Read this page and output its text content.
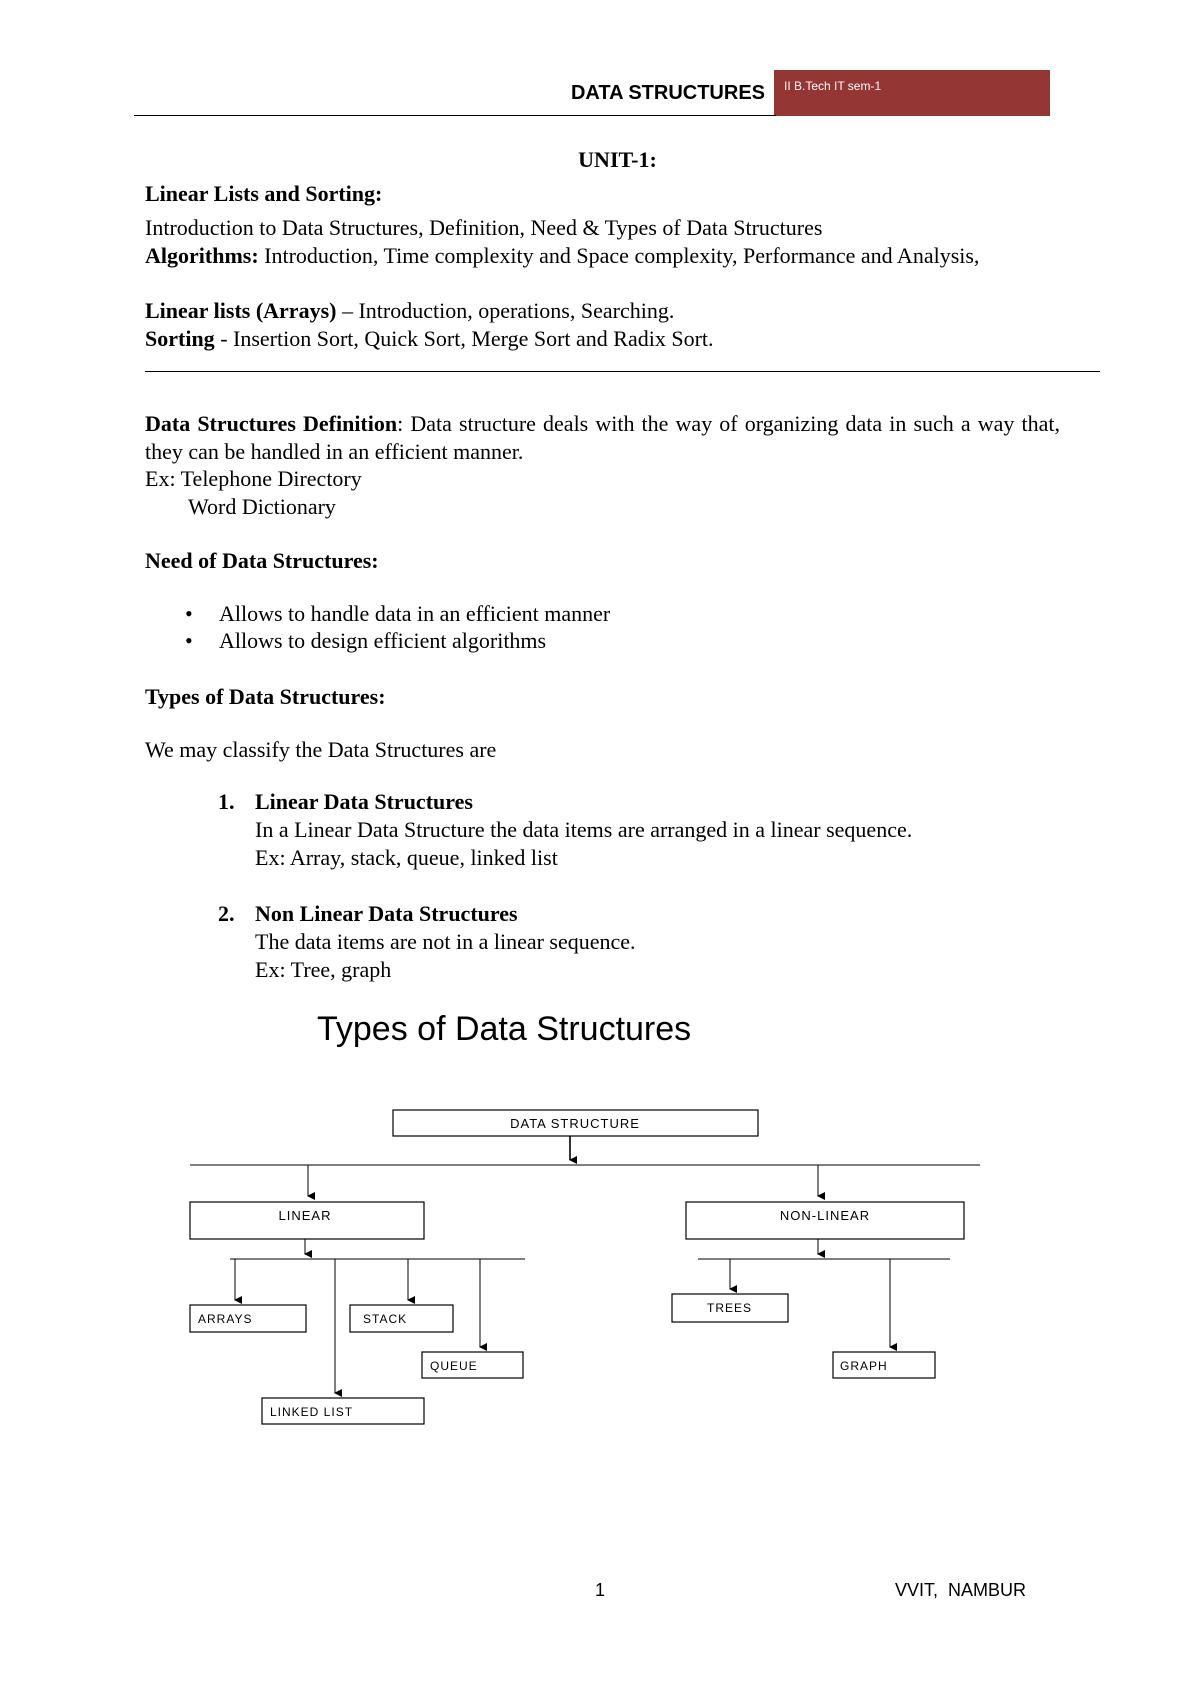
DATA STRUCTURES II B.Tech IT sem-1
UNIT-1:
Linear Lists and Sorting:
Introduction to Data Structures, Definition, Need & Types of Data Structures
Algorithms: Introduction, Time complexity and Space complexity, Performance and Analysis,
Linear lists (Arrays) – Introduction, operations, Searching.
Sorting - Insertion Sort, Quick Sort, Merge Sort and Radix Sort.
Data Structures Definition: Data structure deals with the way of organizing data in such a way that, they can be handled in an efficient manner.
Ex: Telephone Directory
Word Dictionary
Need of Data Structures:
• Allows to handle data in an efficient manner
• Allows to design efficient algorithms
Types of Data Structures:
We may classify the Data Structures are
1. Linear Data Structures
In a Linear Data Structure the data items are arranged in a linear sequence.
Ex: Array, stack, queue, linked list
2. Non Linear Data Structures
The data items are not in a linear sequence.
Ex: Tree, graph
Types of Data Structures
DATA STRUCTURE
LINEAR	NON-LINEAR
ARRAYS	STACK
QUEUE
LINKED LIST
TREES
GRAPH
1	VVIT,  NAMBUR
